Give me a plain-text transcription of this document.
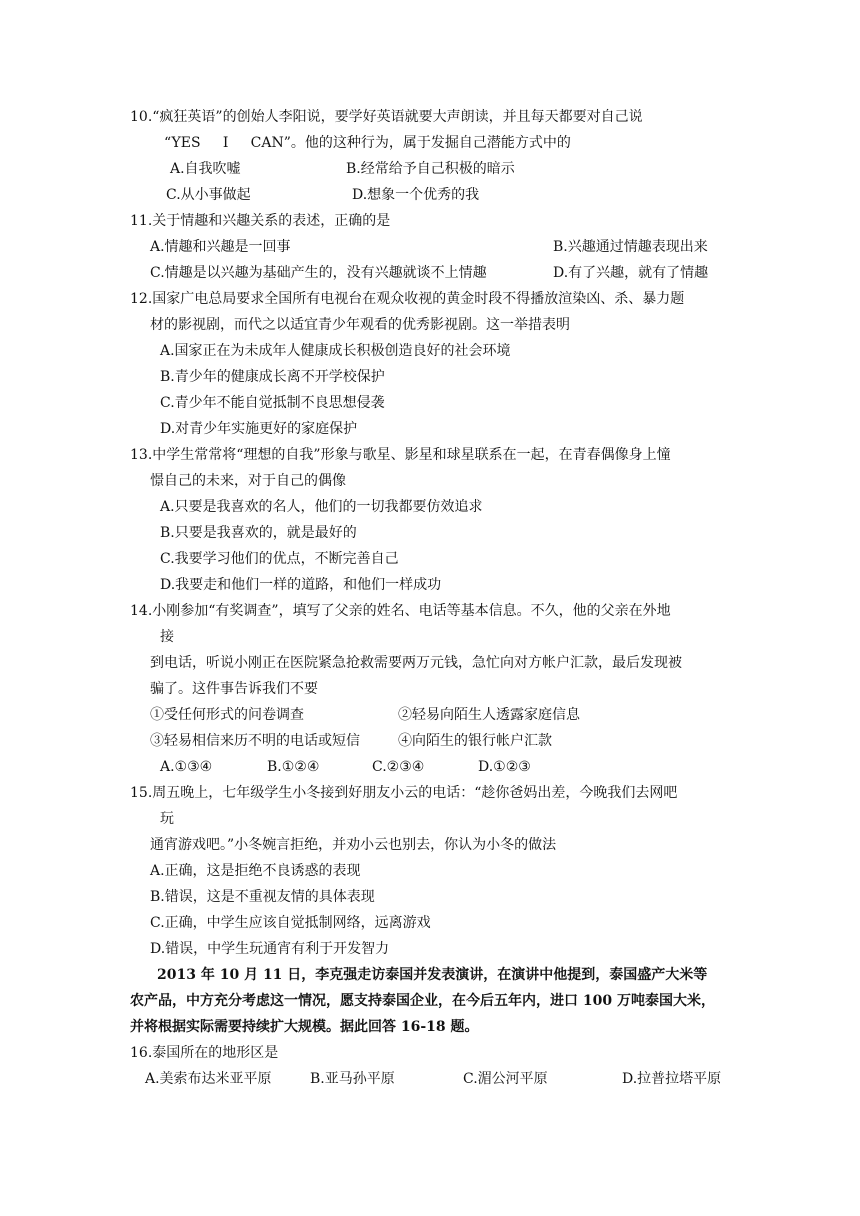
10.“疯狂英语”的创始人李阳说，要学好英语就要大声朗读，并且每天都要对自己说
“YES     I     CAN”。他的这种行为，属于发掘自己潜能方式中的
A.自我吹嘘	B.经常给予自己积极的暗示
C.从小事做起	D.想象一个优秀的我
11.关于情趣和兴趣关系的表述，正确的是
A.情趣和兴趣是一回事	B.兴趣通过情趣表现出来
C.情趣是以兴趣为基础产生的，没有兴趣就谈不上情趣	D.有了兴趣，就有了情趣
12.国家广电总局要求全国所有电视台在观众收视的黄金时段不得播放渲染凶、杀、暴力题
材的影视剧，而代之以适宜青少年观看的优秀影视剧。这一举措表明
A.国家正在为未成年人健康成长积极创造良好的社会环境
B.青少年的健康成长离不开学校保护
C.青少年不能自觉抵制不良思想侵袭
D.对青少年实施更好的家庭保护
13.中学生常常将“理想的自我”形象与歌星、影星和球星联系在一起，在青春偶像身上憧
憬自己的未来，对于自己的偶像
A.只要是我喜欢的名人，他们的一切我都要仿效追求
B.只要是我喜欢的，就是最好的
C.我要学习他们的优点，不断完善自己
D.我要走和他们一样的道路，和他们一样成功
14.小刚参加“有奖调查”，填写了父亲的姓名、电话等基本信息。不久，他的父亲在外地
接
到电话，听说小刚正在医院紧急抢救需要两万元钱，急忙向对方帐户汇款，最后发现被
骗了。这件事告诉我们不要
①受任何形式的问卷调查	②轻易向陌生人透露家庭信息
③轻易相信来历不明的电话或短信	④向陌生的银行帐户汇款
A.①③④	B.①②④	C.②③④	D.①②③
15.周五晚上，七年级学生小冬接到好朋友小云的电话：“趁你爸妈出差，今晚我们去网吧
玩
通宵游戏吧。”小冬婉言拒绝，并劝小云也别去，你认为小冬的做法
A.正确，这是拒绝不良诱惑的表现
B.错误，这是不重视友情的具体表现
C.正确，中学生应该自觉抵制网络，远离游戏
D.错误，中学生玩通宵有利于开发智力
2013 年 10 月 11 日，李克强走访泰国并发表演讲，在演讲中他提到，泰国盛产大米等
农产品，中方充分考虑这一情况，愿支持泰国企业，在今后五年内，进口 100 万吨泰国大米，
并将根据实际需要持续扩大规模。据此回答 16-18 题。
16.泰国所在的地形区是
A.美索布达米亚平原	B.亚马孙平原	C.湄公河平原	D.拉普拉塔平原
